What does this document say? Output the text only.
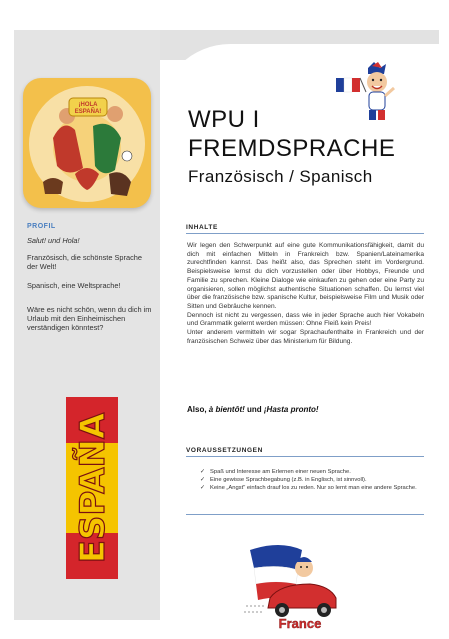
¡HOLA
ESPAÑA!
PROFIL
Salut! und Hola!
Französisch, die schönste Sprache der Welt!
Spanisch, eine Weltsprache!
Wäre es nicht schön, wenn du dich im Urlaub mit den Einheimischen verständigen könntest?
ESPAÑA
WPU I
FREMDSPRACHE
Französisch / Spanisch
INHALTE

Wir legen den Schwerpunkt auf eine gute Kommunikationsfähigkeit, damit du dich mit einfachen Mitteln in Frankreich bzw. Spanien/Lateinamerika zurechtfinden kannst. Das heißt also, das Sprechen steht im Vordergrund. Beispielsweise lernst du dich vorzustellen oder über Hobbys, Freunde und Familie zu sprechen. Kleine Dialoge wie einkaufen zu gehen oder eine Party zu organisieren, sollen möglichst authentische Situationen schaffen. Du lernst viel über die französische bzw. spanische Kultur, beispielsweise Film und Musik oder Sitten und Gebräuche kennen.

Dennoch ist nicht zu vergessen, dass wie in jeder Sprache auch hier Vokabeln und Grammatik gelernt werden müssen: Ohne Fleiß kein Preis!

Unter anderem vermitteln wir sogar Sprachaufenthalte in Frankreich und der französischen Schweiz über das Ministerium für Bildung.

Also, à bientôt! und ¡Hasta pronto!
VORAUSSETZUNGEN
✓ Spaß und Interesse am Erlernen einer neuen Sprache.
✓ Eine gewisse Sprachbegabung (z.B. in Englisch, ist sinnvoll).
✓ Keine „Angst" einfach drauf los zu reden. Nur so lernt man eine andere Sprache.
France
